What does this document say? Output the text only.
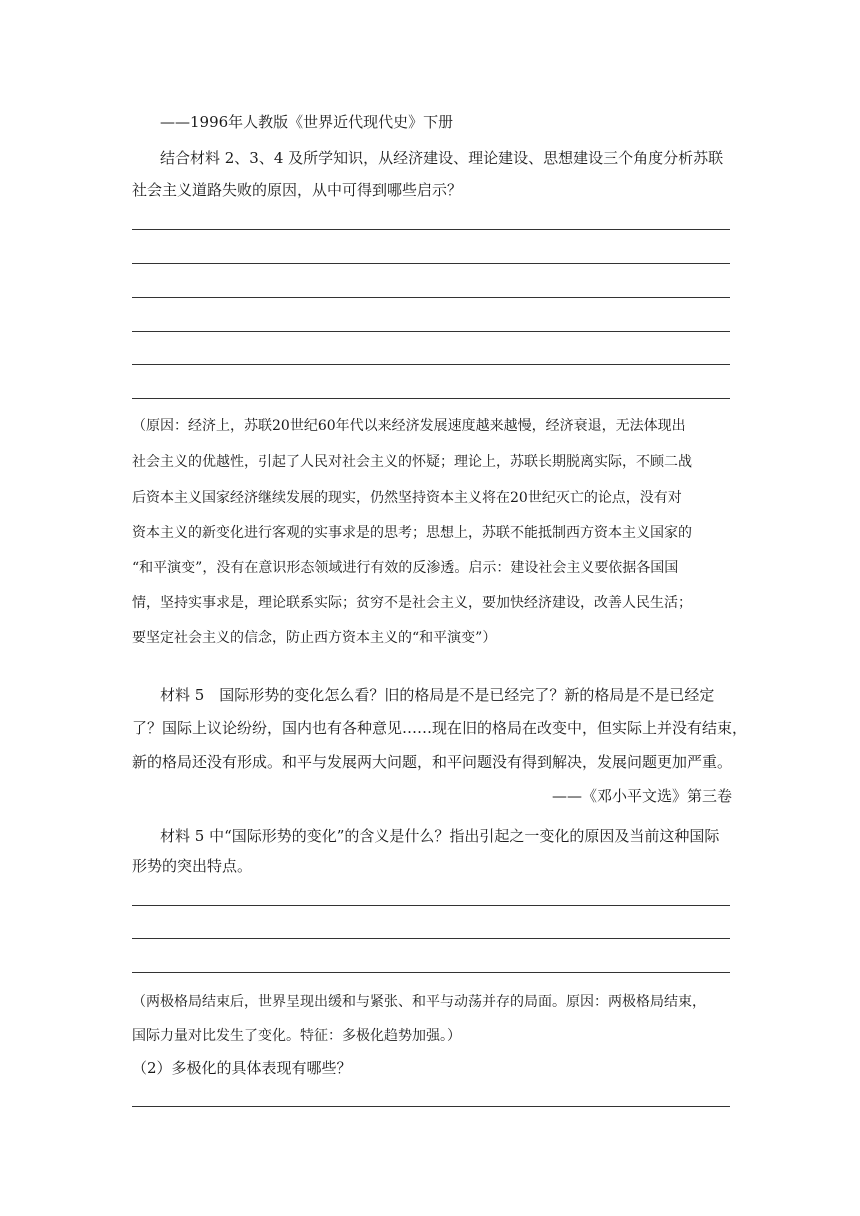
——1996年人教版《世界近代现代史》下册
结合材料 2、3、4 及所学知识，从经济建设、理论建设、思想建设三个角度分析苏联
社会主义道路失败的原因，从中可得到哪些启示？
（原因：经济上，苏联20世纪60年代以来经济发展速度越来越慢，经济衰退，无法体现出
社会主义的优越性，引起了人民对社会主义的怀疑；理论上，苏联长期脱离实际，不顾二战
后资本主义国家经济继续发展的现实，仍然坚持资本主义将在20世纪灭亡的论点，没有对
资本主义的新变化进行客观的实事求是的思考；思想上，苏联不能抵制西方资本主义国家的
“和平演变”，没有在意识形态领域进行有效的反渗透。启示：建设社会主义要依据各国国
情，坚持实事求是，理论联系实际；贫穷不是社会主义，要加快经济建设，改善人民生活；
要坚定社会主义的信念，防止西方资本主义的“和平演变”）
材料 5　国际形势的变化怎么看？旧的格局是不是已经完了？新的格局是不是已经定
了？国际上议论纷纷，国内也有各种意见……现在旧的格局在改变中，但实际上并没有结束，
新的格局还没有形成。和平与发展两大问题，和平问题没有得到解决，发展问题更加严重。
——《邓小平文选》第三卷
材料 5 中“国际形势的变化”的含义是什么？指出引起之一变化的原因及当前这种国际
形势的突出特点。
（两极格局结束后，世界呈现出缓和与紧张、和平与动荡并存的局面。原因：两极格局结束，
国际力量对比发生了变化。特征：多极化趋势加强。）
（2）多极化的具体表现有哪些？
